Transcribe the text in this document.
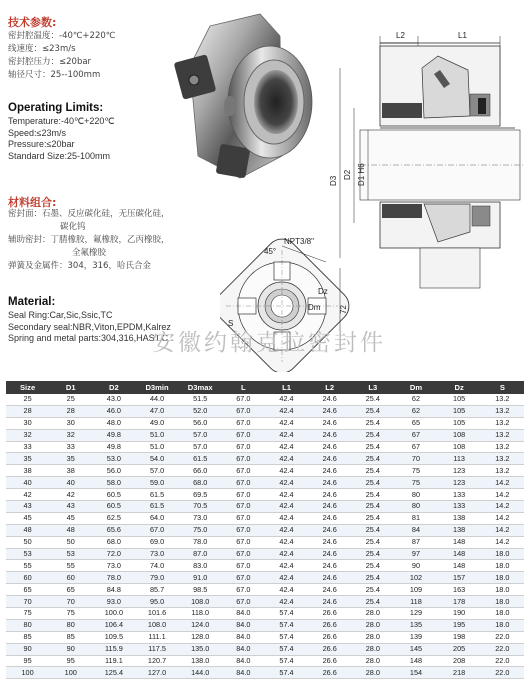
技术参数:
密封腔温度：-40℃+220℃
线速度：≤23m/s
密封腔压力：≤20bar
轴径尺寸：25--100mm
Operating Limits:
Temperature:-40℃+220℃
Speed:≤23m/s
Pressure:≤20bar
Standard Size:25-100mm
材料组合:
密封面：石墨、反应碳化硅，无压碳化硅，
碳化钨
辅助密封：丁腈橡胶，氟橡胶，乙丙橡胶，
全氟橡胶
弹簧及金属件：304，316，哈氏合金
Material:
Seal Ring:Car,Sic,Ssic,TC
Secondary seal:NBR,Viton,EPDM,Kalrez
Spring and metal parts:304,316,HAST.C
L2	L1
D3
D2 D1 H6
NPT3/8"
45°
Dz
Dm
S
72
安徽约翰克拉密封件
Size	D1	D2	D3min	D3max	L	L1	L2	L3	Dm	Dz	S
25	25	43.0	44.0	51.5	67.0	42.4	24.6	25.4	62	105	13.2
28	28	46.0	47.0	52.0	67.0	42.4	24.6	25.4	62	105	13.2
30	30	48.0	49.0	56.0	67.0	42.4	24.6	25.4	65	105	13.2
32	32	49.8	51.0	57.0	67.0	42.4	24.6	25.4	67	108	13.2
33	33	49.8	51.0	57.0	67.0	42.4	24.6	25.4	67	108	13.2
35	35	53.0	54.0	61.5	67.0	42.4	24.6	25.4	70	113	13.2
38	38	56.0	57.0	66.0	67.0	42.4	24.6	25.4	75	123	13.2
40	40	58.0	59.0	68.0	67.0	42.4	24.6	25.4	75	123	14.2
42	42	60.5	61.5	69.5	67.0	42.4	24.6	25.4	80	133	14.2
43	43	60.5	61.5	70.5	67.0	42.4	24.6	25.4	80	133	14.2
45	45	62.5	64.0	73.0	67.0	42.4	24.6	25.4	81	138	14.2
48	48	65.6	67.0	75.0	67.0	42.4	24.6	25.4	84	138	14.2
50	50	68.0	69.0	78.0	67.0	42.4	24.6	25.4	87	148	14.2
53	53	72.0	73.0	87.0	67.0	42.4	24.6	25.4	97	148	18.0
55	55	73.0	74.0	83.0	67.0	42.4	24.6	25.4	90	148	18.0
60	60	78.0	79.0	91.0	67.0	42.4	24.6	25.4	102	157	18.0
65	65	84.8	85.7	98.5	67.0	42.4	24.6	25.4	109	163	18.0
70	70	93.0	95.0	108.0	67.0	42.4	24.6	25.4	118	178	18.0
75	75	100.0	101.6	118.0	84.0	57.4	26.6	28.0	129	190	18.0
80	80	106.4	108.0	124.0	84.0	57.4	26.6	28.0	135	195	18.0
85	85	109.5	111.1	128.0	84.0	57.4	26.6	28.0	139	198	22.0
90	90	115.9	117.5	135.0	84.0	57.4	26.6	28.0	145	205	22.0
95	95	119.1	120.7	138.0	84.0	57.4	26.6	28.0	148	208	22.0
100	100	125.4	127.0	144.0	84.0	57.4	26.6	28.0	154	218	22.0
